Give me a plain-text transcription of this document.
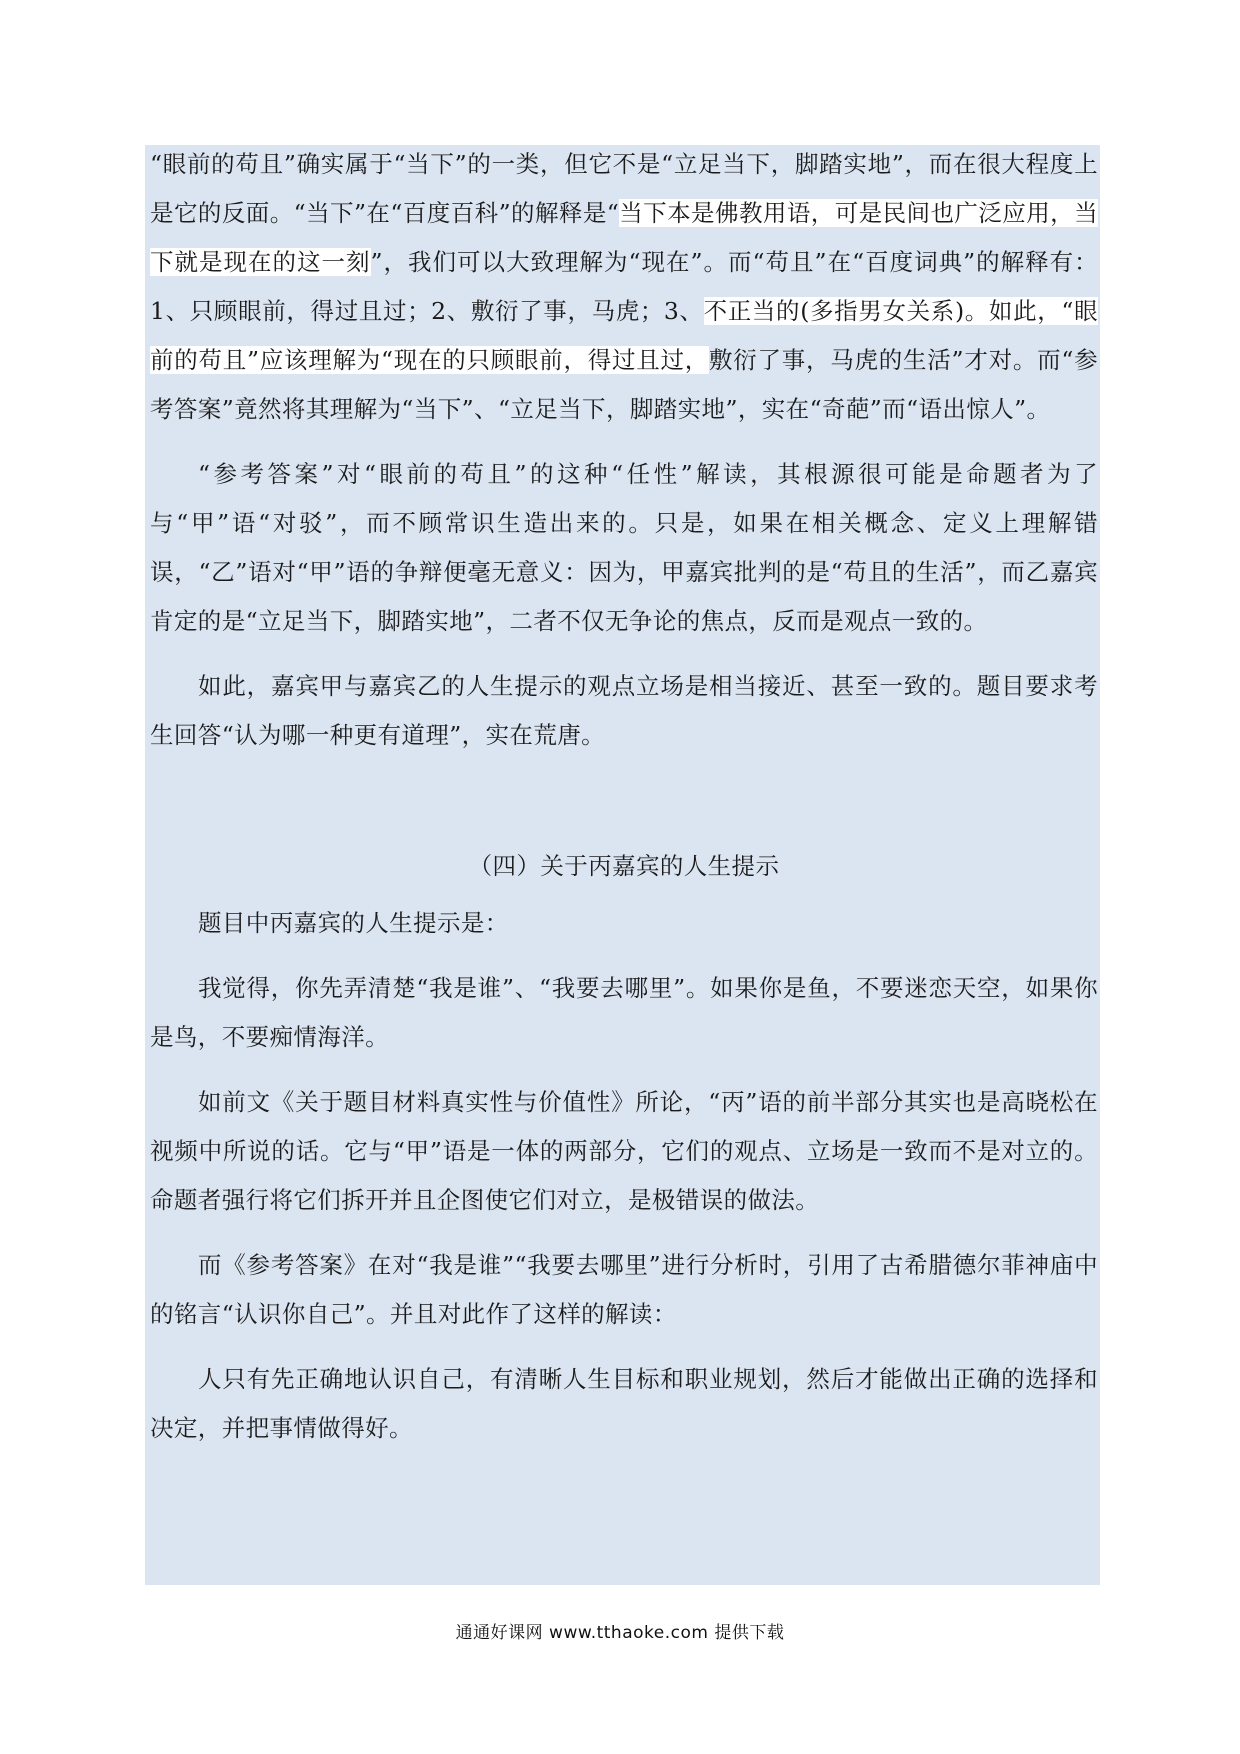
“眼前的苟且”确实属于“当下”的一类，但它不是“立足当下，脚踏实地”，而在很大程度上是它的反面。“当下”在“百度百科”的解释是“当下本是佛教用语，可是民间也广泛应用，当下就是现在的这一刻”，我们可以大致理解为“现在”。而“苟且”在“百度词典”的解释有：1、只顾眼前，得过且过；2、敷衍了事，马虎；3、不正当的(多指男女关系)。如此，“眼前的苟且”应该理解为“现在的只顾眼前，得过且过，敷衍了事，马虎的生活”才对。而“参考答案”竟然将其理解为“当下”、“立足当下，脚踏实地”，实在“奇葩”而“语出惊人”。

“参考答案”对“眼前的苟且”的这种“任性”解读，其根源很可能是命题者为了与“甲”语“对驳”，而不顾常识生造出来的。只是，如果在相关概念、定义上理解错误，“乙”语对“甲”语的争辩便毫无意义：因为，甲嘉宾批判的是“苟且的生活”，而乙嘉宾肯定的是“立足当下，脚踏实地”，二者不仅无争论的焦点，反而是观点一致的。

如此，嘉宾甲与嘉宾乙的人生提示的观点立场是相当接近、甚至一致的。题目要求考生回答“认为哪一种更有道理”，实在荒唐。

（四）关于丙嘉宾的人生提示

题目中丙嘉宾的人生提示是：

我觉得，你先弄清楚“我是谁”、“我要去哪里”。如果你是鱼，不要迷恋天空，如果你是鸟，不要痴情海洋。

如前文《关于题目材料真实性与价值性》所论，“丙”语的前半部分其实也是高晓松在视频中所说的话。它与“甲”语是一体的两部分，它们的观点、立场是一致而不是对立的。命题者强行将它们拆开并且企图使它们对立，是极错误的做法。

而《参考答案》在对“我是谁”“我要去哪里”进行分析时，引用了古希腊德尔菲神庙中的铭言“认识你自己”。并且对此作了这样的解读：

人只有先正确地认识自己，有清晰人生目标和职业规划，然后才能做出正确的选择和决定，并把事情做得好。

通通好课网 www.tthaoke.com 提供下载
